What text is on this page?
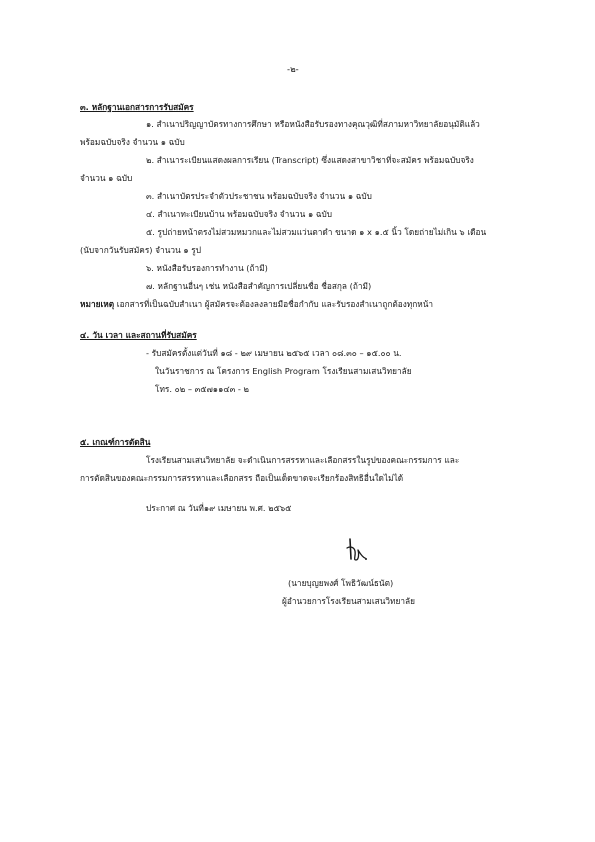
-๒-
๓. หลักฐานเอกสารการรับสมัคร
๑. สำเนาปริญญาบัตรทางการศึกษา หรือหนังสือรับรองทางคุณวุฒิที่สภามหาวิทยาลัยอนุมัติแล้ว
พร้อมฉบับจริง จำนวน ๑ ฉบับ
๒. สำเนาระเบียนแสดงผลการเรียน (Transcript) ซึ่งแสดงสาขาวิชาที่จะสมัคร พร้อมฉบับจริง
จำนวน ๑ ฉบับ
๓. สำเนาบัตรประจำตัวประชาชน พร้อมฉบับจริง จำนวน ๑ ฉบับ
๔. สำเนาทะเบียนบ้าน พร้อมฉบับจริง จำนวน ๑ ฉบับ
๕. รูปถ่ายหน้าตรงไม่สวมหมวกและไม่สวมแว่นตาดำ ขนาด ๑ x ๑.๕ นิ้ว โดยถ่ายไม่เกิน ๖ เดือน
(นับจากวันรับสมัคร) จำนวน ๑ รูป
๖. หนังสือรับรองการทำงาน (ถ้ามี)
๗. หลักฐานอื่นๆ เช่น หนังสือสำคัญการเปลี่ยนชื่อ ชื่อสกุล (ถ้ามี)
หมายเหตุ เอกสารที่เป็นฉบับสำเนา ผู้สมัครจะต้องลงลายมือชื่อกำกับ และรับรองสำเนาถูกต้องทุกหน้า
๔. วัน เวลา และสถานที่รับสมัคร
- รับสมัครตั้งแต่วันที่ ๑๘ - ๒๙ เมษายน ๒๕๖๕ เวลา ๐๘.๓๐ – ๑๕.๐๐ น.
ในวันราชการ ณ โครงการ English Program โรงเรียนสามเสนวิทยาลัย
โทร. ๐๒ – ๓๕๗๑๑๔๓ - ๒
๕. เกณฑ์การตัดสิน
โรงเรียนสามเสนวิทยาลัย จะดำเนินการสรรหาและเลือกสรรในรูปของคณะกรรมการ และ
การตัดสินของคณะกรรมการสรรหาและเลือกสรร ถือเป็นเด็ดขาดจะเรียกร้องสิทธิอื่นใดไม่ได้
ประกาศ ณ วันที่๑๙ เมษายน พ.ศ. ๒๕๖๕
(นายบุญยพงศ์ โพธิวัฒน์ธนัต)
ผู้อำนวยการโรงเรียนสามเสนวิทยาลัย
